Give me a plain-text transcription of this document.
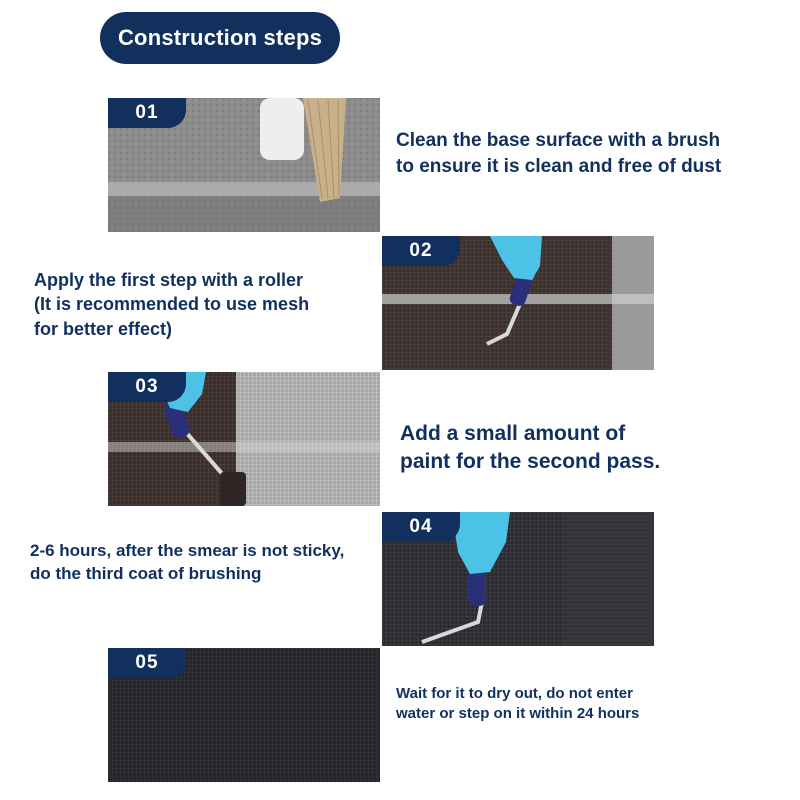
Construction steps
01
Clean the base surface with a brush
to ensure it is clean and free of dust
02
Apply the first step with a roller
(It is recommended to use mesh
for better effect)
03
Add a small amount of
paint for the second pass.
04
2-6 hours, after the smear is not sticky,
do the third coat of brushing
05
Wait for it to dry out, do not enter
water or step on it within 24 hours
